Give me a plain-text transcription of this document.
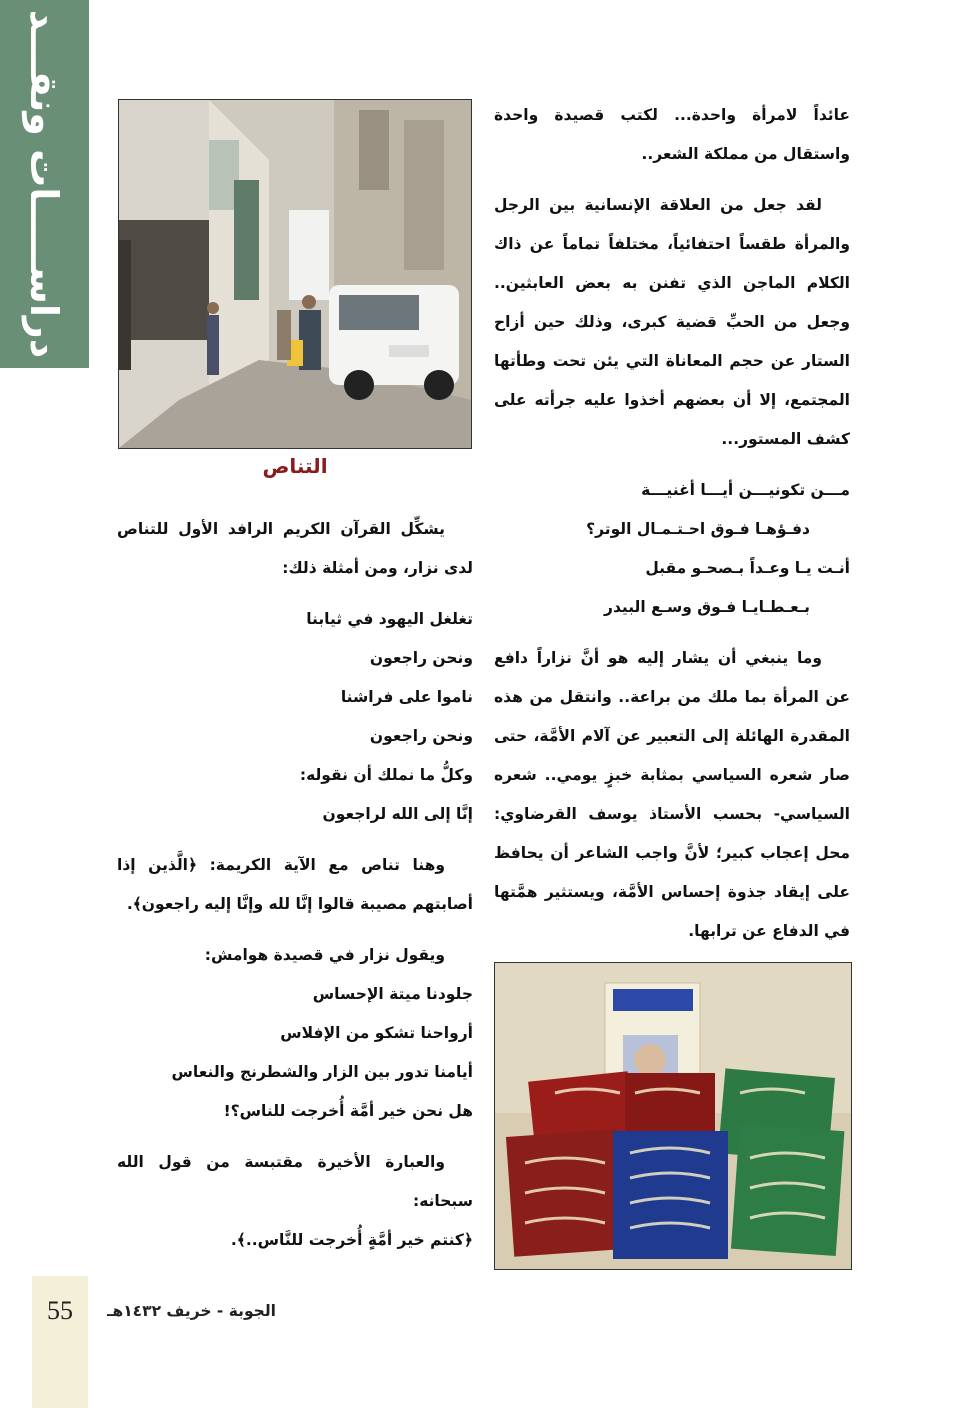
دراســـــات ونقـــد	عائداً لامرأة واحدة... لكتب قصيدة واحدة واستقال من مملكة الشعر..

لقد جعل من العلاقة الإنسانية بين الرجل والمرأة طقساً احتفائياً، مختلفاً تماماً عن ذاك الكلام الماجن الذي تفنن به بعض العابثين.. وجعل من الحبِّ قضية كبرى، وذلك حين أزاح الستار عن حجم المعاناة التي يئن تحت وطأتها المجتمع، إلا أن بعضهم أخذوا عليه جرأته على كشف المستور...

مـــن تكونيـــن أيـــا أغنيـــة

دفـؤهـا فـوق احـتـمـال الوتر؟

أنـت يـا وعـداً بـصحـو مقبل

بـعـطـايـا فـوق وسـع البيدر

وما ينبغي أن يشار إليه هو أنَّ نزاراً دافع عن المرأة بما ملك من براعة.. وانتقل من هذه المقدرة الهائلة إلى التعبير عن آلام الأمَّة، حتى صار شعره السياسي بمثابة خبزٍ يومي.. شعره السياسي- بحسب الأستاذ يوسف القرضاوي: محل إعجاب كبير؛ لأنَّ واجب الشاعر أن يحافظ على إيقاد جذوة إحساس الأمَّة، ويستثير همَّتها في الدفاع عن ترابها.

التناص

يشكِّل القرآن الكريم الرافد الأول للتناص لدى نزار، ومن أمثلة ذلك:

تغلغل اليهود في ثيابنا

ونحن راجعون

ناموا على فراشنا

ونحن راجعون

وكلُّ ما نملك أن نقوله:

إنَّا إلى الله لراجعون

وهنا تناص مع الآية الكريمة: ﴿الَّذين إذا أصابتهم مصيبة قالوا إنَّا لله وإنَّا إليه راجعون﴾.

ويقول نزار في قصيدة هوامش:

جلودنا ميتة الإحساس

أرواحنا تشكو من الإفلاس

أيامنا تدور بين الزار والشطرنج والنعاس

هل نحن خير أمَّة أُخرجت للناس؟!

والعبارة الأخيرة مقتبسة من قول الله سبحانه:

﴿كنتم خير أمَّةٍ أُخرجت للنَّاس..﴾.

55	الجوبة - خريف ١٤٣٢هـ
